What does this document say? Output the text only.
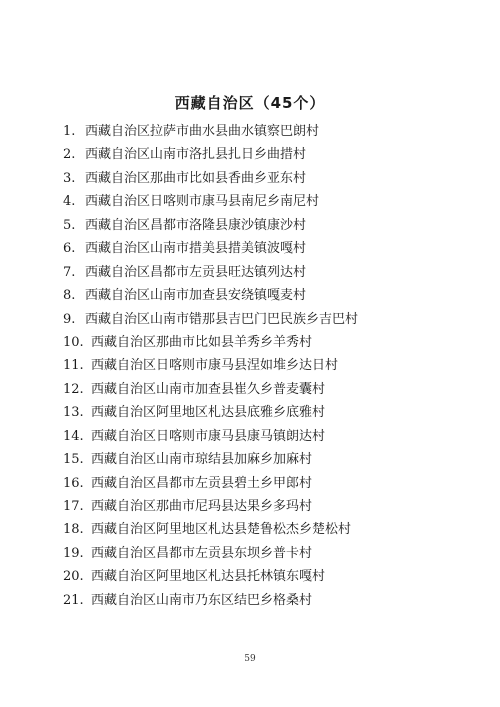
西藏自治区（45个）
1. 西藏自治区拉萨市曲水县曲水镇察巴朗村
2. 西藏自治区山南市洛扎县扎日乡曲措村
3. 西藏自治区那曲市比如县香曲乡亚东村
4. 西藏自治区日喀则市康马县南尼乡南尼村
5. 西藏自治区昌都市洛隆县康沙镇康沙村
6. 西藏自治区山南市措美县措美镇波嘎村
7. 西藏自治区昌都市左贡县旺达镇列达村
8. 西藏自治区山南市加查县安绕镇嘎麦村
9. 西藏自治区山南市错那县吉巴门巴民族乡吉巴村
10. 西藏自治区那曲市比如县羊秀乡羊秀村
11. 西藏自治区日喀则市康马县涅如堆乡达日村
12. 西藏自治区山南市加查县崔久乡普麦囊村
13. 西藏自治区阿里地区札达县底雅乡底雅村
14. 西藏自治区日喀则市康马县康马镇朗达村
15. 西藏自治区山南市琼结县加麻乡加麻村
16. 西藏自治区昌都市左贡县碧土乡甲郎村
17. 西藏自治区那曲市尼玛县达果乡多玛村
18. 西藏自治区阿里地区札达县楚鲁松杰乡楚松村
19. 西藏自治区昌都市左贡县东坝乡普卡村
20. 西藏自治区阿里地区札达县托林镇东嘎村
21. 西藏自治区山南市乃东区结巴乡格桑村
59
